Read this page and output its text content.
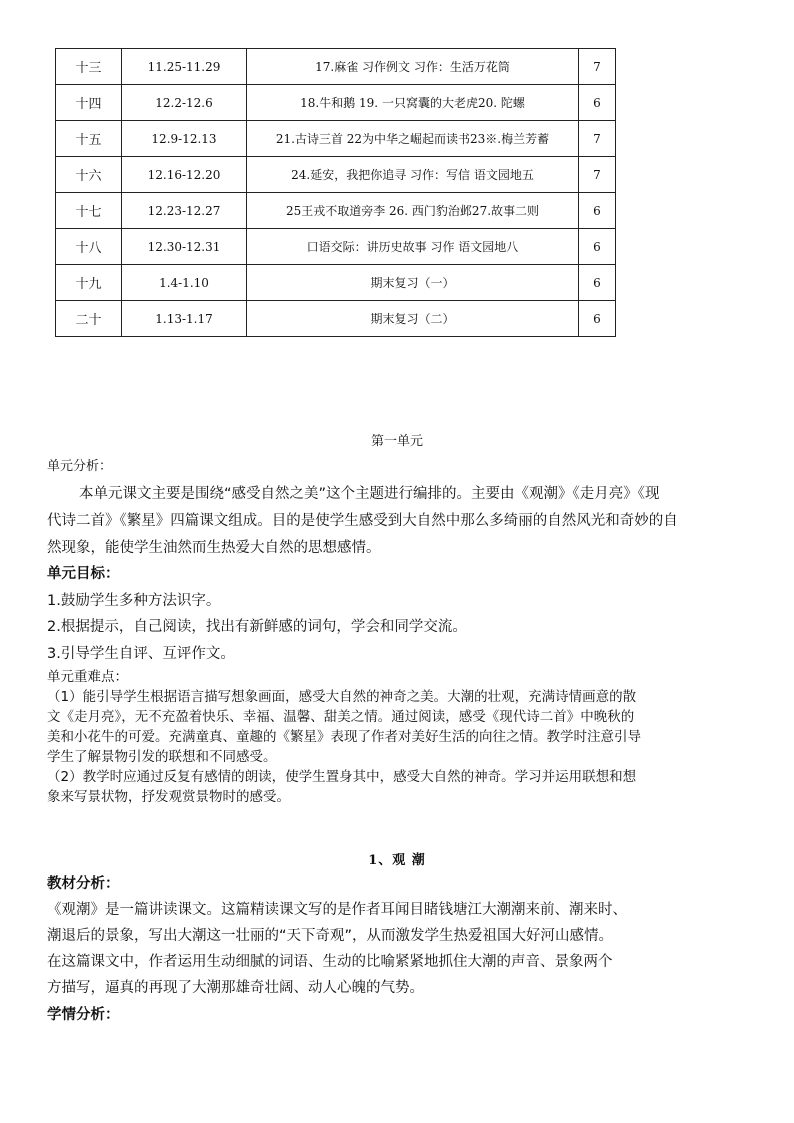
十三	11.25-11.29	17.麻雀 习作例文 习作：生活万花筒	7
十四	12.2-12.6	18.牛和鹅 19. 一只窝囊的大老虎20. 陀螺	6
十五	12.9-12.13	21.古诗三首 22为中华之崛起而读书23※.梅兰芳蓄	7
十六	12.16-12.20	24.延安，我把你追寻 习作：写信 语文园地五	7
十七	12.23-12.27	25王戎不取道旁李 26. 西门豹治邺27.故事二则	6
十八	12.30-12.31	口语交际：讲历史故事 习作 语文园地八	6
十九	1.4-1.10	期末复习（一）	6
二十	1.13-1.17	期末复习（二）	6
第一单元
单元分析：
本单元课文主要是围绕“感受自然之美”这个主题进行编排的。主要由《观潮》《走月亮》《现
代诗二首》《繁星》四篇课文组成。目的是使学生感受到大自然中那么多绮丽的自然风光和奇妙的自
然现象，能使学生油然而生热爱大自然的思想感情。
单元目标：
1.鼓励学生多种方法识字。
2.根据提示，自己阅读，找出有新鲜感的词句，学会和同学交流。
3.引导学生自评、互评作文。
单元重难点：
（1）能引导学生根据语言描写想象画面，感受大自然的神奇之美。大潮的壮观，充满诗情画意的散
文《走月亮》，无不充盈着快乐、幸福、温馨、甜美之情。通过阅读，感受《现代诗二首》中晚秋的
美和小花牛的可爱。充满童真、童趣的《繁星》表现了作者对美好生活的向往之情。教学时注意引导
学生了解景物引发的联想和不同感受。
（2）教学时应通过反复有感情的朗读，使学生置身其中，感受大自然的神奇。学习并运用联想和想
象来写景状物，抒发观赏景物时的感受。
1、观 潮
教材分析：
《观潮》是一篇讲读课文。这篇精读课文写的是作者耳闻目睹钱塘江大潮潮来前、潮来时、
潮退后的景象，写出大潮这一壮丽的“天下奇观”，从而激发学生热爱祖国大好河山感情。
在这篇课文中，作者运用生动细腻的词语、生动的比喻紧紧地抓住大潮的声音、景象两个
方描写，逼真的再现了大潮那雄奇壮阔、动人心魄的气势。
学情分析：
